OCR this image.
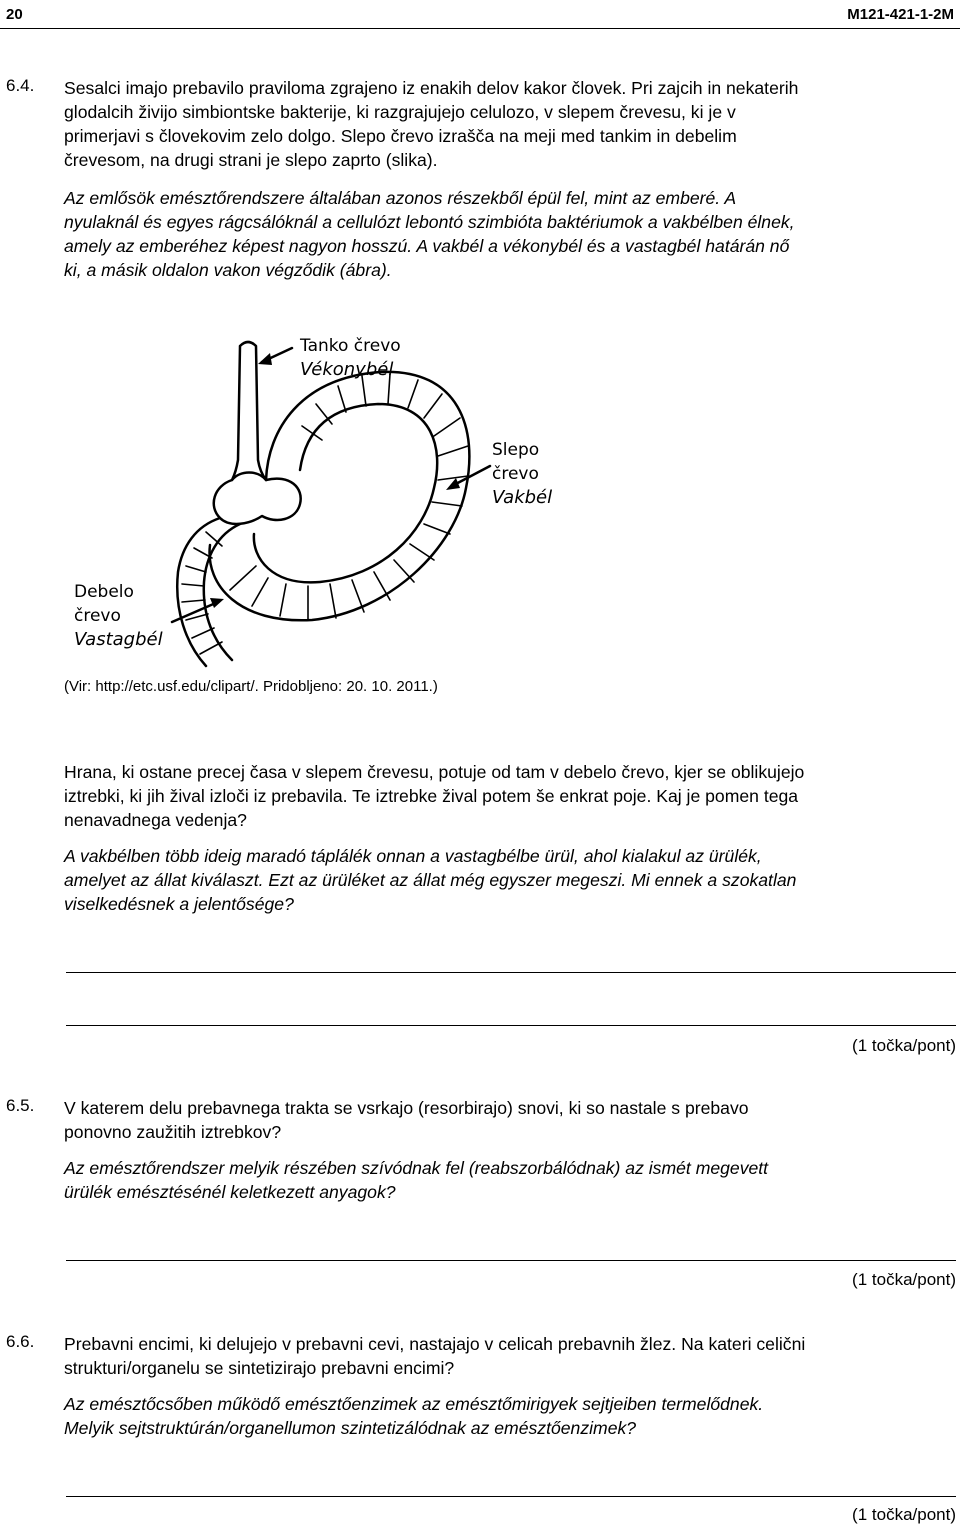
20	M121-421-1-2M
6.4. Sesalci imajo prebavilo praviloma zgrajeno iz enakih delov kakor človek. Pri zajcih in nekaterih
glodalcih živijo simbiontske bakterije, ki razgrajujejo celulozo, v slepem črevesu, ki je v
primerjavi s človekovim zelo dolgo. Slepo črevo izrašča na meji med tankim in debelim
črevesom, na drugi strani je slepo zaprto (slika).
Az emlősök emésztőrendszere általában azonos részekből épül fel, mint az emberé. A
nyulaknál és egyes rágcsálóknál a cellulózt lebontó szimbióta baktériumok a vakbélben élnek,
amely az emberéhez képest nagyon hosszú. A vakbél a vékonybél és a vastagbél határán nő
ki, a másik oldalon vakon végződik (ábra).
Tanko črevo
Vékonybél
Slepo
črevo
Vakbél
Debelo
črevo
Vastagbél
(Vir: http://etc.usf.edu/clipart/. Pridobljeno: 20. 10. 2011.)
Hrana, ki ostane precej časa v slepem črevesu, potuje od tam v debelo črevo, kjer se oblikujejo
iztrebki, ki jih žival izloči iz prebavila. Te iztrebke žival potem še enkrat poje. Kaj je pomen tega
nenavadnega vedenja?
A vakbélben több ideig maradó táplálék onnan a vastagbélbe ürül, ahol kialakul az ürülék,
amelyet az állat kiválaszt. Ezt az ürüléket az állat még egyszer megeszi. Mi ennek a szokatlan
viselkedésnek a jelentősége?
(1 točka/pont)
6.5. V katerem delu prebavnega trakta se vsrkajo (resorbirajo) snovi, ki so nastale s prebavo
ponovno zaužitih iztrebkov?
Az emésztőrendszer melyik részében szívódnak fel (reabszorbálódnak) az ismét megevett
ürülék emésztésénél keletkezett anyagok?
(1 točka/pont)
6.6. Prebavni encimi, ki delujejo v prebavni cevi, nastajajo v celicah prebavnih žlez. Na kateri celični
strukturi/organelu se sintetizirajo prebavni encimi?
Az emésztőcsőben működő emésztőenzimek az emésztőmirigyek sejtjeiben termelődnek.
Melyik sejtstruktúrán/organellumon szintetizálódnak az emésztőenzimek?
(1 točka/pont)
